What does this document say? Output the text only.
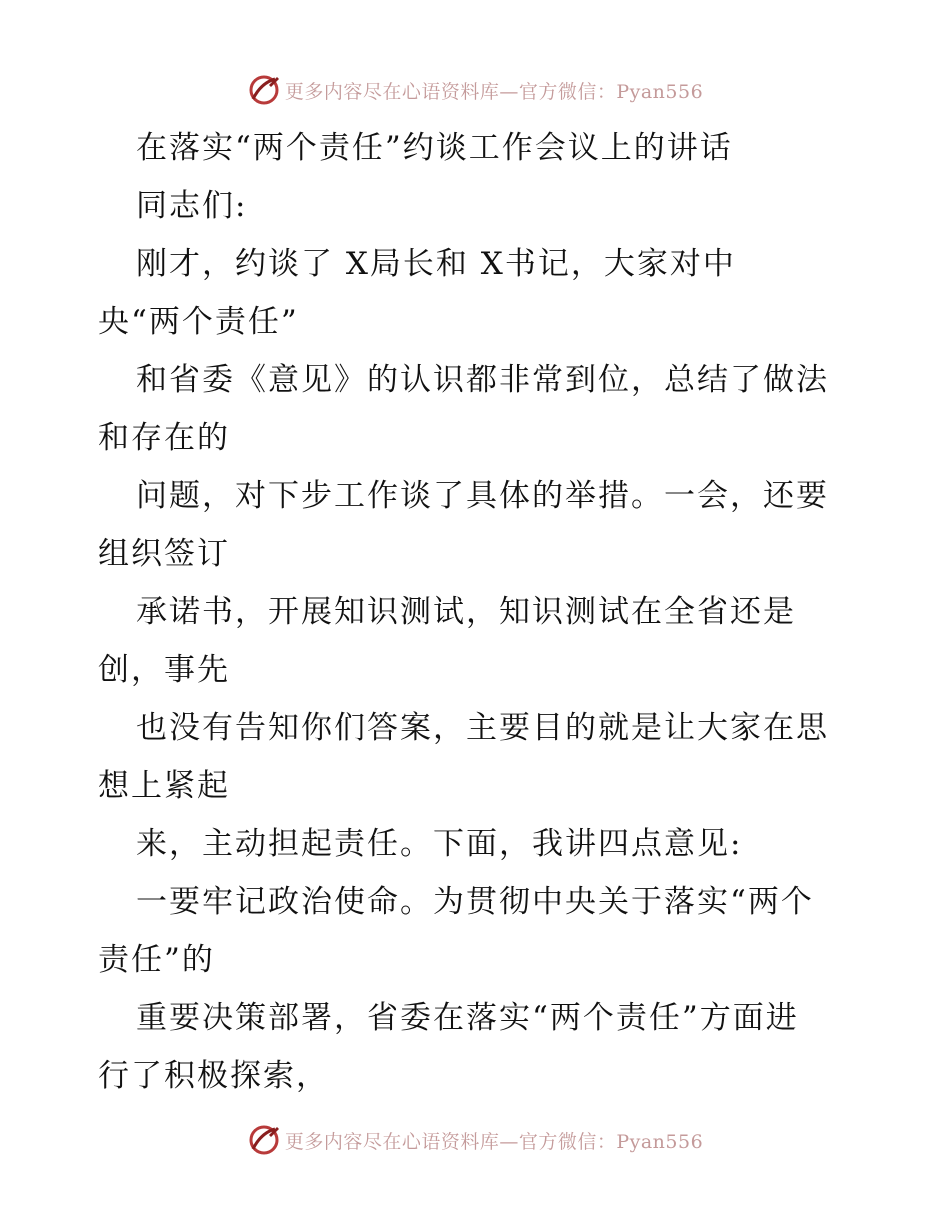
更多内容尽在心语资料库—官方微信：Pyan556
在落实“两个责任”约谈工作会议上的讲话
同志们:
刚才，约谈了 X局长和 X书记，大家对中
央“两个责任”
和省委《意见》的认识都非常到位，总结了做法
和存在的
问题，对下步工作谈了具体的举措。一会，还要
组织签订
承诺书，开展知识测试，知识测试在全省还是
创，事先
也没有告知你们答案，主要目的就是让大家在思
想上紧起
来，主动担起责任。下面，我讲四点意见:
一要牢记政治使命。为贯彻中央关于落实“两个
责任”的
重要决策部署，省委在落实“两个责任”方面进
行了积极探索，
更多内容尽在心语资料库—官方微信：Pyan556
